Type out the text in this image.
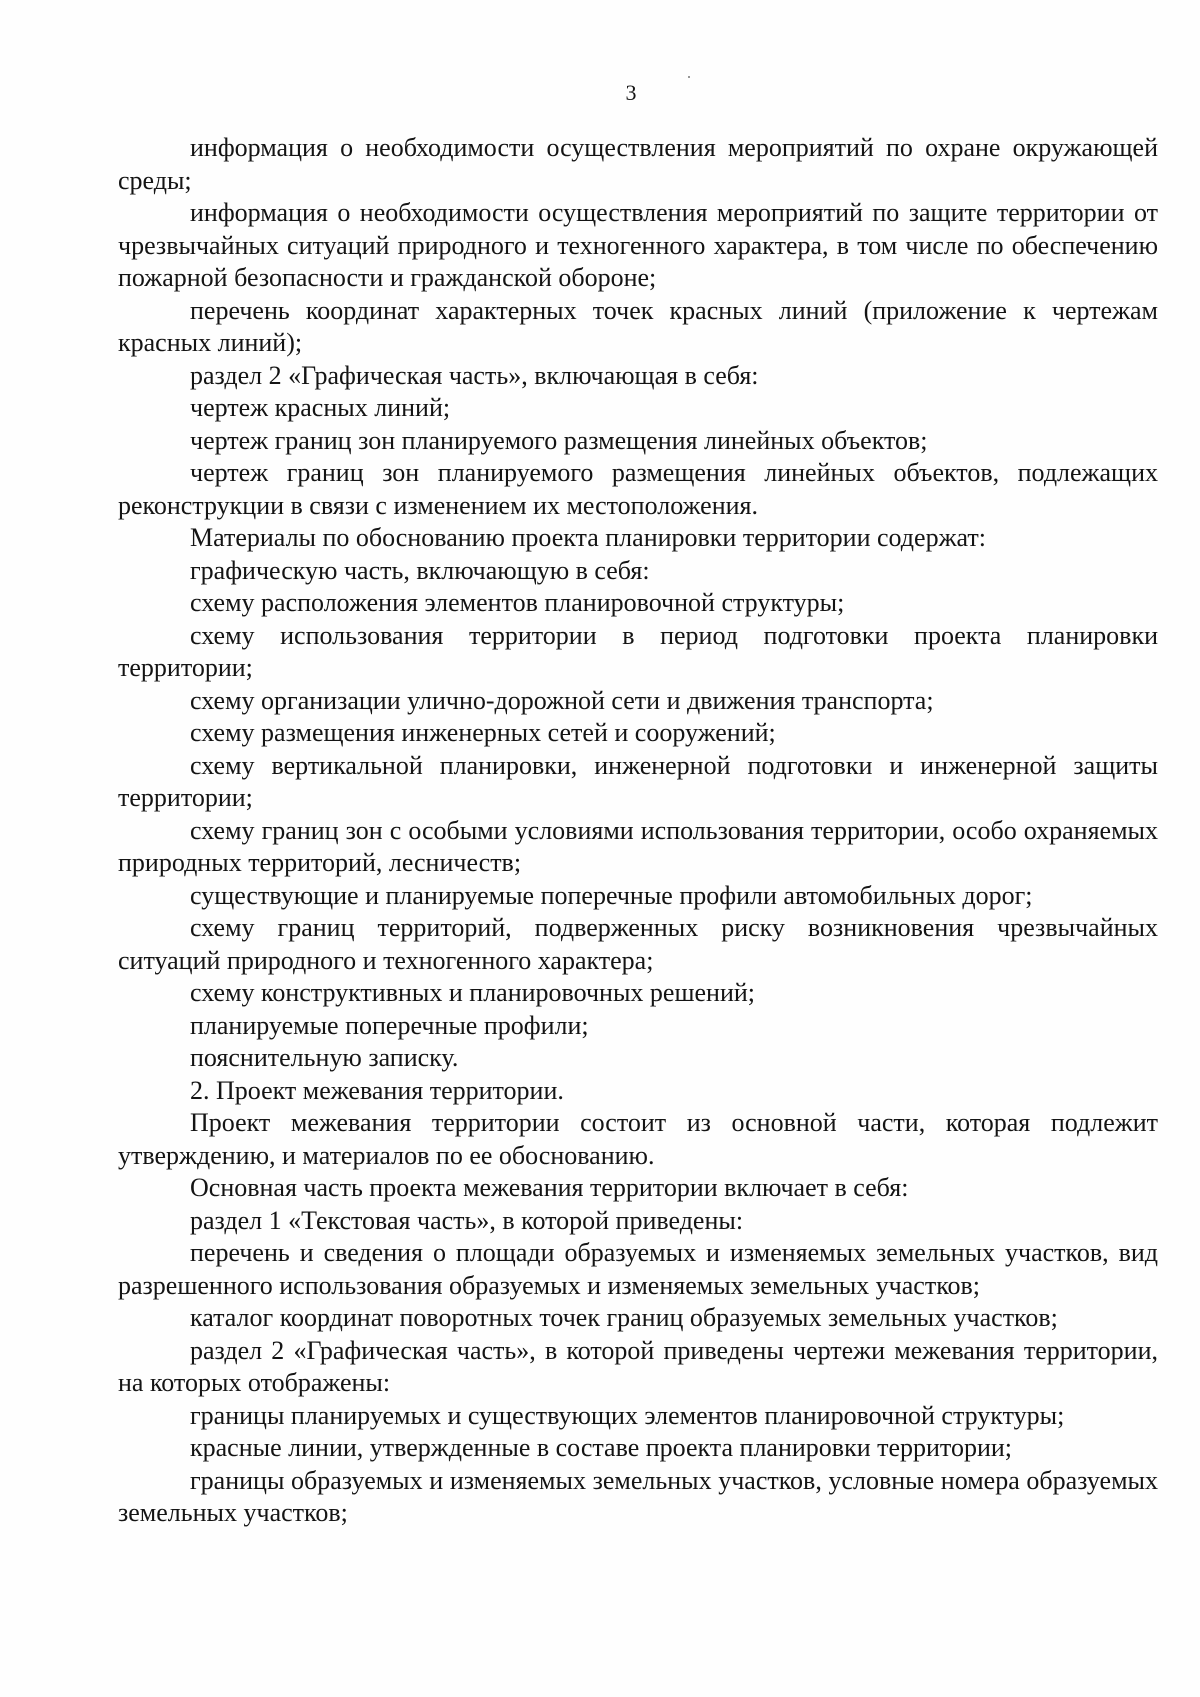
3

информация о необходимости осуществления мероприятий по охране окружающей среды;

информация о необходимости осуществления мероприятий по защите территории от чрезвычайных ситуаций природного и техногенного характера, в том числе по обеспечению пожарной безопасности и гражданской обороне;

перечень координат характерных точек красных линий (приложение к чертежам красных линий);

раздел 2 «Графическая часть», включающая в себя:

чертеж красных линий;

чертеж границ зон планируемого размещения линейных объектов;

чертеж границ зон планируемого размещения линейных объектов, подлежащих реконструкции в связи с изменением их местоположения.

Материалы по обоснованию проекта планировки территории содержат:

графическую часть, включающую в себя:

схему расположения элементов планировочной структуры;

схему использования территории в период подготовки проекта планировки территории;

схему организации улично-дорожной сети и движения транспорта;

схему размещения инженерных сетей и сооружений;

схему вертикальной планировки, инженерной подготовки и инженерной защиты территории;

схему границ зон с особыми условиями использования территории, особо охраняемых природных территорий, лесничеств;

существующие и планируемые поперечные профили автомобильных дорог;

схему границ территорий, подверженных риску возникновения чрезвычайных ситуаций природного и техногенного характера;

схему конструктивных и планировочных решений;

планируемые поперечные профили;

пояснительную записку.

2. Проект межевания территории.

Проект межевания территории состоит из основной части, которая подлежит утверждению, и материалов по ее обоснованию.

Основная часть проекта межевания территории включает в себя:

раздел 1 «Текстовая часть», в которой приведены:

перечень и сведения о площади образуемых и изменяемых земельных участков, вид разрешенного использования образуемых и изменяемых земельных участков;

каталог координат поворотных точек границ образуемых земельных участков;

раздел 2 «Графическая часть», в которой приведены чертежи межевания территории, на которых отображены:

границы планируемых и существующих элементов планировочной структуры;

красные линии, утвержденные в составе проекта планировки территории;

границы образуемых и изменяемых земельных участков, условные номера образуемых земельных участков;
